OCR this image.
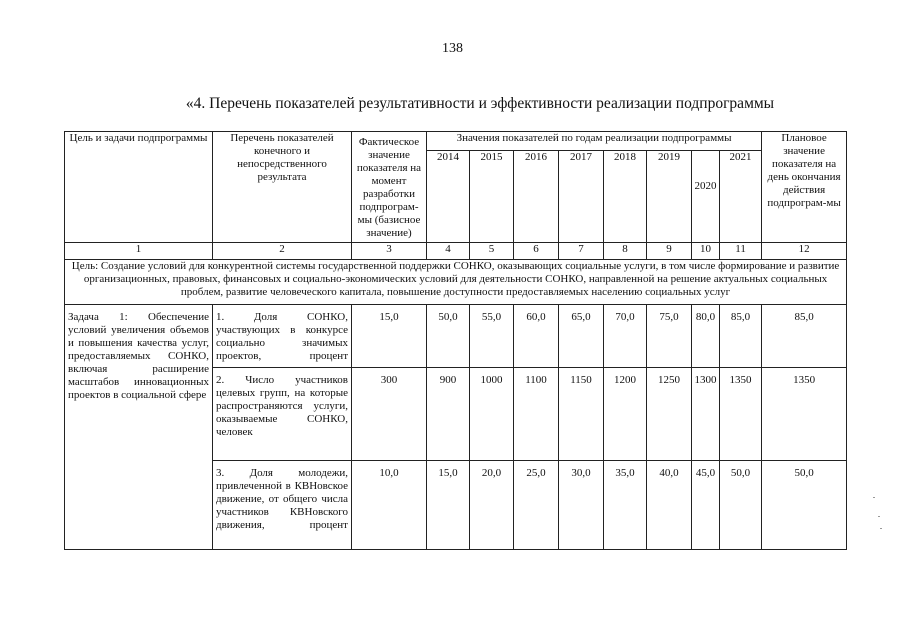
138
«4. Перечень показателей результативности и эффективности реализации подпрограммы
Цель и задачи подпрограммы	Перечень показателей конечного и непосредственного результата	Фактическое значение показателя на момент разработки подпрограм-мы (базисное значение)	Значения показателей по годам реализации подпрограммы								Плановое значение показателя на день окончания действия подпрограм-мы
			2014	2015	2016	2017	2018	2019	2020	2021	
1	2	3	4	5	6	7	8	9	10	11	12
Цель: Создание условий для конкурентной системы государственной поддержки СОНКО, оказывающих социальные услуги, в том числе формирование и развитие организационных, правовых, финансовых и социально-экономических условий для деятельности СОНКО, направленной на решение актуальных социальных проблем, развитие человеческого капитала, повышение доступности предоставляемых населению социальных услуг											
Задача 1: Обеспечение условий увеличения объемов и повышения качества услуг, предоставляемых СОНКО, включая расширение масштабов инновационных проектов в социальной сфере	1. Доля СОНКО, участвующих в конкурсе социально значимых проектов, процент	15,0	50,0	55,0	60,0	65,0	70,0	75,0	80,0	85,0	85,0
	2. Число участников целевых групп, на которые распространяются услуги, оказываемые СОНКО, человек	300	900	1000	1100	1150	1200	1250	1300	1350	1350
	3. Доля молодежи, привлеченной в КВНовское движение, от общего числа участников КВНовского движения, процент	10,0	15,0	20,0	25,0	30,0	35,0	40,0	45,0	50,0	50,0
